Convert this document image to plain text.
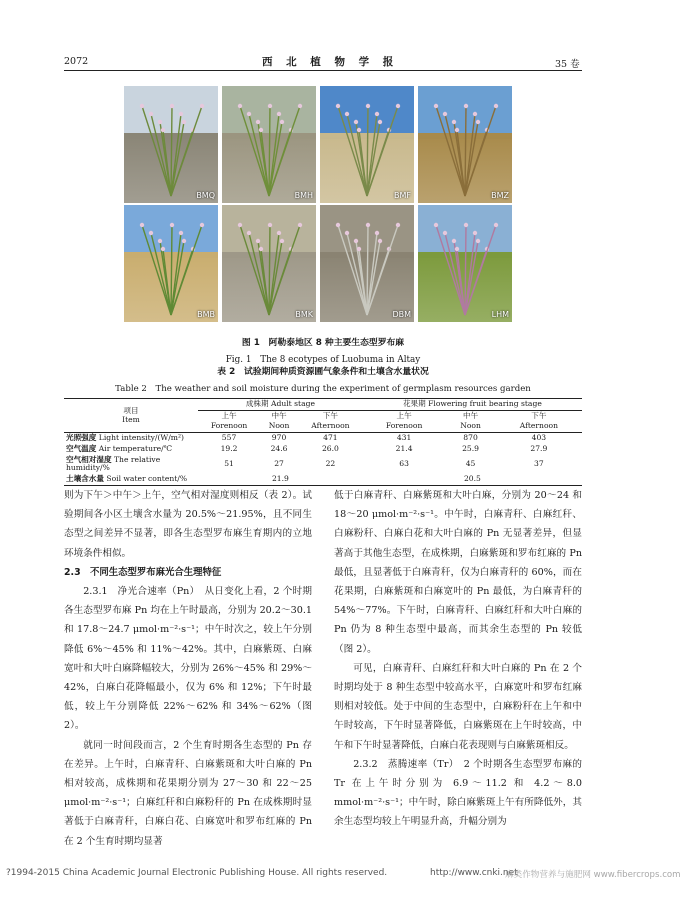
2072	西 北 植 物 学 报	35 卷
BMQ	BMH	BMF	BMZ
BMB	BMK	DBM	LHM
图 1　阿勒泰地区 8 种主要生态型罗布麻
Fig. 1　The 8 ecotypes of Luobuma in Altay
表 2　试验期间种质资源圃气象条件和土壤含水量状况
Table 2　The weather and soil moisture during the experiment of germplasm resources garden
项目
Item	成株期 Adult stage			花果期 Flowering fruit bearing stage		
	上午	中午	下午	上午	中午	下午
	Forenoon	Noon	Afternoon	Forenoon	Noon	Afternoon
光照强度 Light intensity/(W/m²)	557	970	471	431	870	403
空气温度 Air temperature/℃	19.2	24.6	26.0	21.4	25.9	27.9
空气相对湿度 The relative humidity/%	51	27	22	63	45	37
土壤含水量 Soil water content/%	21.9			20.5		

则为下午＞中午＞上午，空气相对湿度则相反（表 2）。试验期间各小区土壤含水量为 20.5%～21.95%，且不同生态型之间差异不显著，即各生态型罗布麻生育期内的立地环境条件相似。

2.3　不同生态型罗布麻光合生理特征

2.3.1　净光合速率（Pn）　从日变化上看，2 个时期各生态型罗布麻 Pn 均在上午时最高，分别为 20.2～30.1 和 17.8～24.7 μmol·m⁻²·s⁻¹；中午时次之，较上午分别降低 6%～45% 和 11%～42%。其中，白麻紫斑、白麻宽叶和大叶白麻降幅较大，分别为 26%～45% 和 29%～42%，白麻白花降幅最小，仅为 6% 和 12%；下午时最低，较上午分别降低 22%～62% 和 34%～62%（图 2）。

就同一时间段而言，2 个生育时期各生态型的 Pn 存在差异。上午时，白麻青秆、白麻紫斑和大叶白麻的 Pn 相对较高，成株期和花果期分别为 27～30 和 22～25 μmol·m⁻²·s⁻¹；白麻红秆和白麻粉秆的 Pn 在成株期时显著低于白麻青秆，白麻白花、白麻宽叶和罗布红麻的 Pn 在 2 个生育时期均显著

低于白麻青秆、白麻紫斑和大叶白麻，分别为 20～24 和 18～20 μmol·m⁻²·s⁻¹。中午时，白麻青秆、白麻红秆、白麻粉秆、白麻白花和大叶白麻的 Pn 无显著差异，但显著高于其他生态型，在成株期，白麻紫斑和罗布红麻的 Pn 最低，且显著低于白麻青秆，仅为白麻青秆的 60%，而在花果期，白麻紫斑和白麻宽叶的 Pn 最低，为白麻青秆的 54%～77%。下午时，白麻青秆、白麻红秆和大叶白麻的 Pn 仍为 8 种生态型中最高，而其余生态型的 Pn 较低（图 2）。

可见，白麻青秆、白麻红秆和大叶白麻的 Pn 在 2 个时期均处于 8 种生态型中较高水平，白麻宽叶和罗布红麻则相对较低。处于中间的生态型中，白麻粉秆在上午和中午时较高，下午时显著降低，白麻紫斑在上午时较高，中午和下午时显著降低，白麻白花表现则与白麻紫斑相反。

2.3.2　蒸腾速率（Tr）　2 个时期各生态型罗布麻的 Tr 在上午时分别为 6.9～11.2 和 4.2～8.0 mmol·m⁻²·s⁻¹；中午时，除白麻紫斑上午有所降低外，其余生态型均较上午明显升高，升幅分别为

?1994-2015 China Academic Journal Electronic Publishing House. All rights reserved.	http://www.cnki.net
麻类作物营养与施肥网 www.fibercrops.com
